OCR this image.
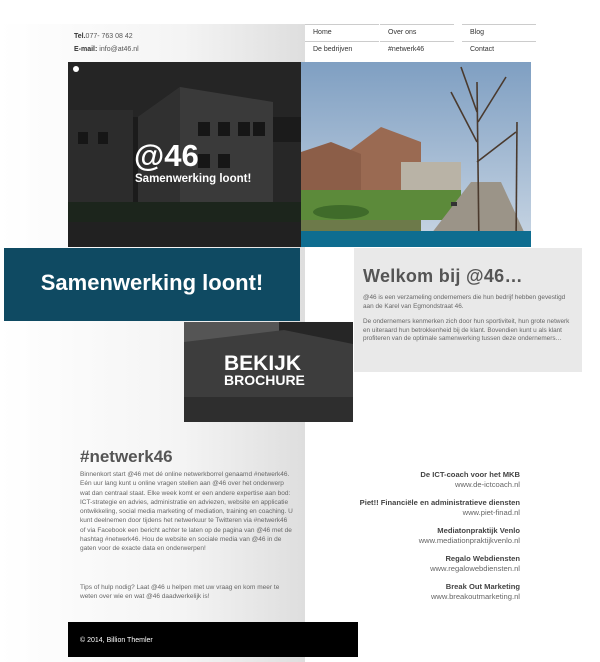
Tel.077- 763 08 42
E-mail: info@at46.nl
Home	Over ons	Blog
De bedrijven	#netwerk46	Contact
@46
Samenwerking loont!
Samenwerking loont!	Welkom bij @46…

@46 is een verzameling ondernemers die hun bedrijf hebben gevestigd aan de Karel van Egmondstraat 46.

De ondernemers kenmerken zich door hun sportiviteit, hun grote netwerk en uiteraard hun betrokkenheid bij de klant. Bovendien kunt u als klant profiteren van de optimale samenwerking tussen deze ondernemers…

BEKIJK
BROCHURE
#netwerk46

Binnenkort start @46 met dé online netwerkborrel genaamd #netwerk46. Eén uur lang kunt u online vragen stellen aan @46 over het onderwerp wat dan centraal staat. Elke week komt er een andere expertise aan bod: ICT-strategie en advies, administratie en adviezen, website en applicatie ontwikkeling, social media marketing of mediation, training en coaching. U kunt deelnemen door tijdens het netwerkuur te Twitteren via #netwerk46 of via Facebook een bericht achter te laten op de pagina van @46 met de hashtag #netwerk46. Hou de website en sociale media van @46 in de gaten voor de exacte data en onderwerpen!

Tips of hulp nodig? Laat @46 u helpen met uw vraag en kom meer te weten over wie en wat @46 daadwerkelijk is!

De ICT-coach voor het MKB
www.de-ictcoach.nl
Piet!! Financiële en administratieve diensten
www.piet-finad.nl
Mediatonpraktijk Venlo
www.mediationpraktijkvenlo.nl
Regalo Webdiensten
www.regalowebdiensten.nl
Break Out Marketing
www.breakoutmarketing.nl
© 2014, Billion Themler
